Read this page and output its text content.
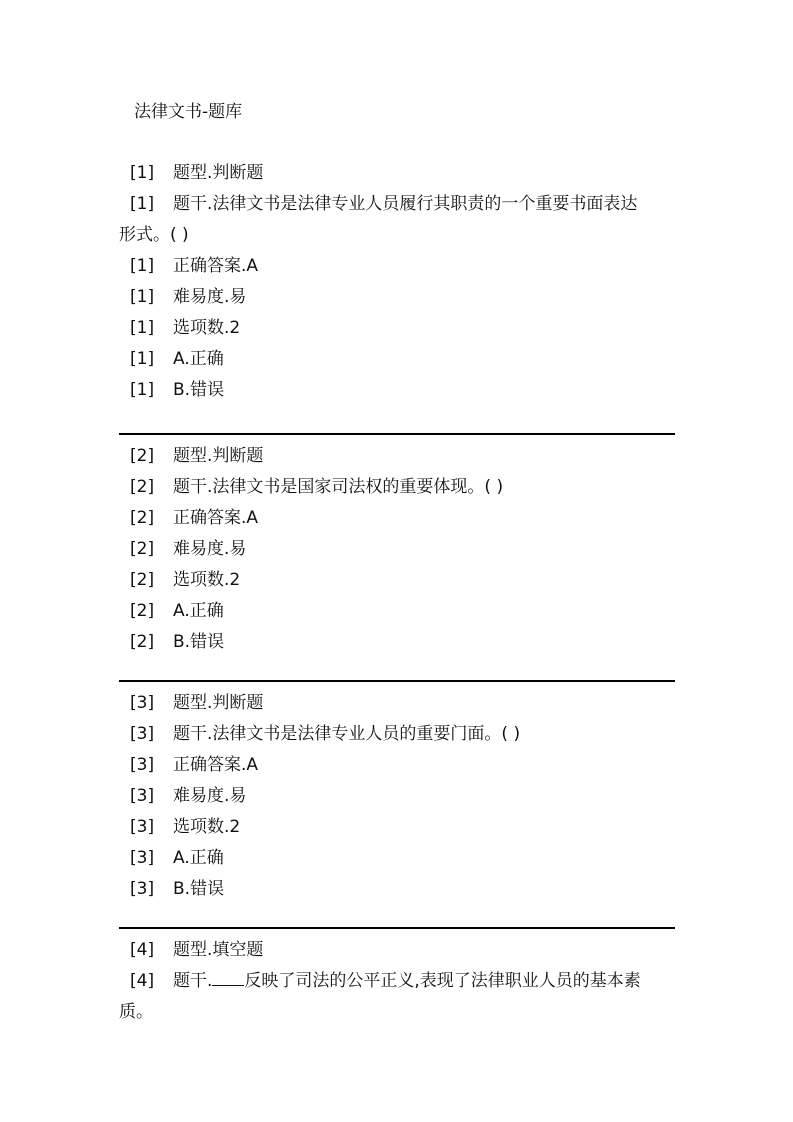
法律文书-题库
[1] 题型.判断题
[1] 题干.法律文书是法律专业人员履行其职责的一个重要书面表达
形式。( )
[1] 正确答案.A
[1] 难易度.易
[1] 选项数.2
[1] A.正确
[1] B.错误
[2] 题型.判断题
[2] 题干.法律文书是国家司法权的重要体现。( )
[2] 正确答案.A
[2] 难易度.易
[2] 选项数.2
[2] A.正确
[2] B.错误
[3] 题型.判断题
[3] 题干.法律文书是法律专业人员的重要门面。( )
[3] 正确答案.A
[3] 难易度.易
[3] 选项数.2
[3] A.正确
[3] B.错误
[4] 题型.填空题
[4] 题干. 反映了司法的公平正义,表现了法律职业人员的基本素
质。
